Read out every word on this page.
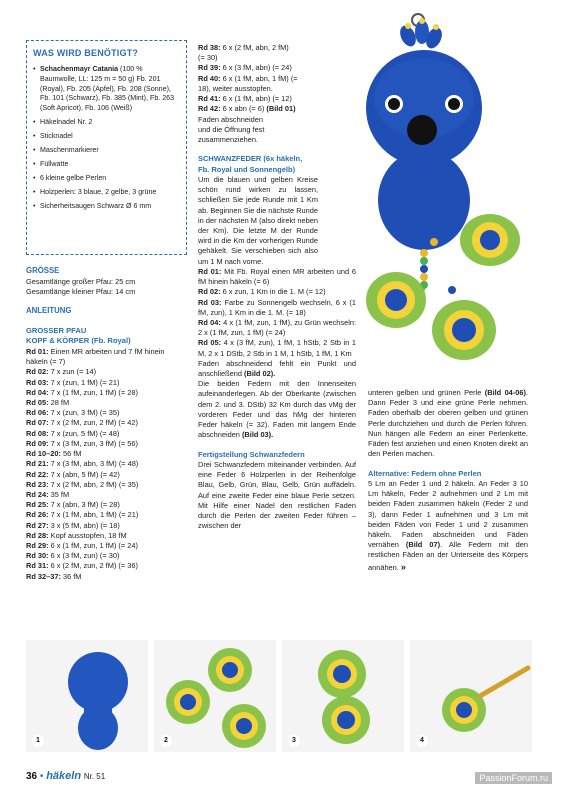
WAS WIRD BENÖTIGT?
• Schachenmayr Catania (100 % Baumwolle, LL: 125 m = 50 g) Fb. 201 (Royal), Fb. 205 (Apfel), Fb. 208 (Sonne), Fb. 101 (Schwarz), Fb. 385 (Mint), Fb. 263 (Soft Apricot), Fb. 106 (Weiß)
• Häkelnadel Nr. 2
• Sticknadel
• Maschenmarkierer
• Füllwatte
• 6 kleine gelbe Perlen
• Holzperlen: 3 blaue, 2 gelbe, 3 grüne
• Sicherheitsaugen Schwarz Ø 6 mm
GRÖSSE
Gesamtlänge großer Pfau: 25 cm
Gesamtlänge kleiner Pfau: 14 cm
ANLEITUNG
GROSSER PFAU
KOPF & KÖRPER (Fb. Royal)
Rd 01: Einen MR arbeiten und 7 fM hinein häkeln (= 7)
Rd 02: 7 x zun (= 14)
Rd 03: 7 x (zun, 1 fM) (= 21)
Rd 04: 7 x (1 fM, zun, 1 fM) (= 28)
Rd 05: 28 fM
Rd 06: 7 x (zun, 3 fM) (= 35)
Rd 07: 7 x (2 fM, zun, 2 fM) (= 42)
Rd 08: 7 x (zun, 5 fM) (= 48)
Rd 09: 7 x (3 fM, zun, 3 fM) (= 56)
Rd 10–20: 56 fM
Rd 21: 7 x (3 fM, abn, 3 fM) (= 48)
Rd 22: 7 x (abn, 5 fM) (= 42)
Rd 23: 7 x (2 fM, abn, 2 fM) (= 35)
Rd 24: 35 fM
Rd 25: 7 x (abn, 3 fM) (= 28)
Rd 26: 7 x (1 fM, abn, 1 fM) (= 21)
Rd 27: 3 x (5 fM, abn) (= 18)
Rd 28: Kopf ausstopfen, 18 fM
Rd 29: 6 x (1 fM, zun, 1 fM) (= 24)
Rd 30: 6 x (3 fM, zun) (= 30)
Rd 31: 6 x (2 fM, zun, 2 fM) (= 36)
Rd 32–37: 36 fM
Rd 38: 6 x (2 fM, abn, 2 fM)
(= 30)
Rd 39: 6 x (3 fM, abn) (= 24)
Rd 40: 6 x (1 fM, abn, 1 fM) (=
18), weiter ausstopfen.
Rd 41: 6 x (1 fM, abn) (= 12)
Rd 42: 6 x abn (= 6) (Bild 01)
Faden abschneiden
und die Öffnung fest
zusammenziehen.
SCHWANZFEDER (6x häkeln,
Fb. Royal und Sonnengelb)
Um die blauen und gelben Kreise schön rund wirken zu lassen, schließen Sie jede Runde mit 1 Km ab. Beginnen Sie die nächste Runde in der nächsten M (also direkt neben der Km). Die letzte M der Runde wird in die Km der vorherigen Runde gehäkelt. Sie verschieben sich also um 1 M nach vorne.
Rd 01: Mit Fb. Royal einen MR arbeiten und 6 fM hinein häkeln (= 6)
Rd 02: 6 x zun, 1 Km in die 1. M (= 12)
Rd 03: Farbe zu Sonnengelb wechseln, 6 x (1 fM, zun), 1 Km in die 1. M. (= 18)
Rd 04: 4 x (1 fM, zun, 1 fM), zu Grün wechseln: 2 x (1 fM, zun, 1 fM) (= 24)
Rd 05: 4 x (3 fM, zun), 1 fM, 1 hStb, 2 Stb in 1 M, 2 x 1 DStb, 2 Stb in 1 M, 1 hStb, 1 fM, 1 Km
Faden abschneidend fehlt ein Punkt und anschließend (Bild 02).
Die beiden Federn mit den Innenseiten aufeinanderlegen. Ab der Oberkante (zwischen dem 2. und 3. DStb) 32 Km durch das vMg der vorderen Feder und das hMg der hinteren Feder häkeln (= 32). Faden mit langem Ende abschneiden (Bild 03).
Fertigstellung Schwanzfedern
Drei Schwanzfedern miteinander verbinden. Auf eine Feder 6 Holzperlen in der Reihenfolge Blau, Gelb, Grün, Blau, Gelb, Grün auffädeln. Auf eine zweite Feder eine blaue Perle setzen. Mit Hilfe einer Nadel den restlichen Faden durch die Perlen der zweiten Feder führen – zwischen der
unteren gelben und grünen Perle (Bild 04-06). Dann Feder 3 und eine grüne Perle nehmen. Faden oberhalb der oberen gelben und grünen Perle durchziehen und durch die Perlen führen. Nun hängen alle Federn an einer Perlenkette. Fäden fest anziehen und einen Knoten direkt an den Perlen machen.
Alternative: Federn ohne Perlen
5 Lm an Feder 1 und 2 häkeln. An Feder 3 10 Lm häkeln, Feder 2 aufnehmen und 2 Lm mit beiden Fäden zusammen häkeln (Feder 2 und 3), dann Feder 1 aufnehmen und 3 Lm mit beiden Fäden von Feder 1 und 2 zusammen häkeln. Faden abschneiden und Fäden vernähen (Bild 07). Alle Federn mit den restlichen Fäden an der Unterseite des Körpers annähen. »
1	2	3	4
36 • häkeln Nr. 51	PassionForum.ru
